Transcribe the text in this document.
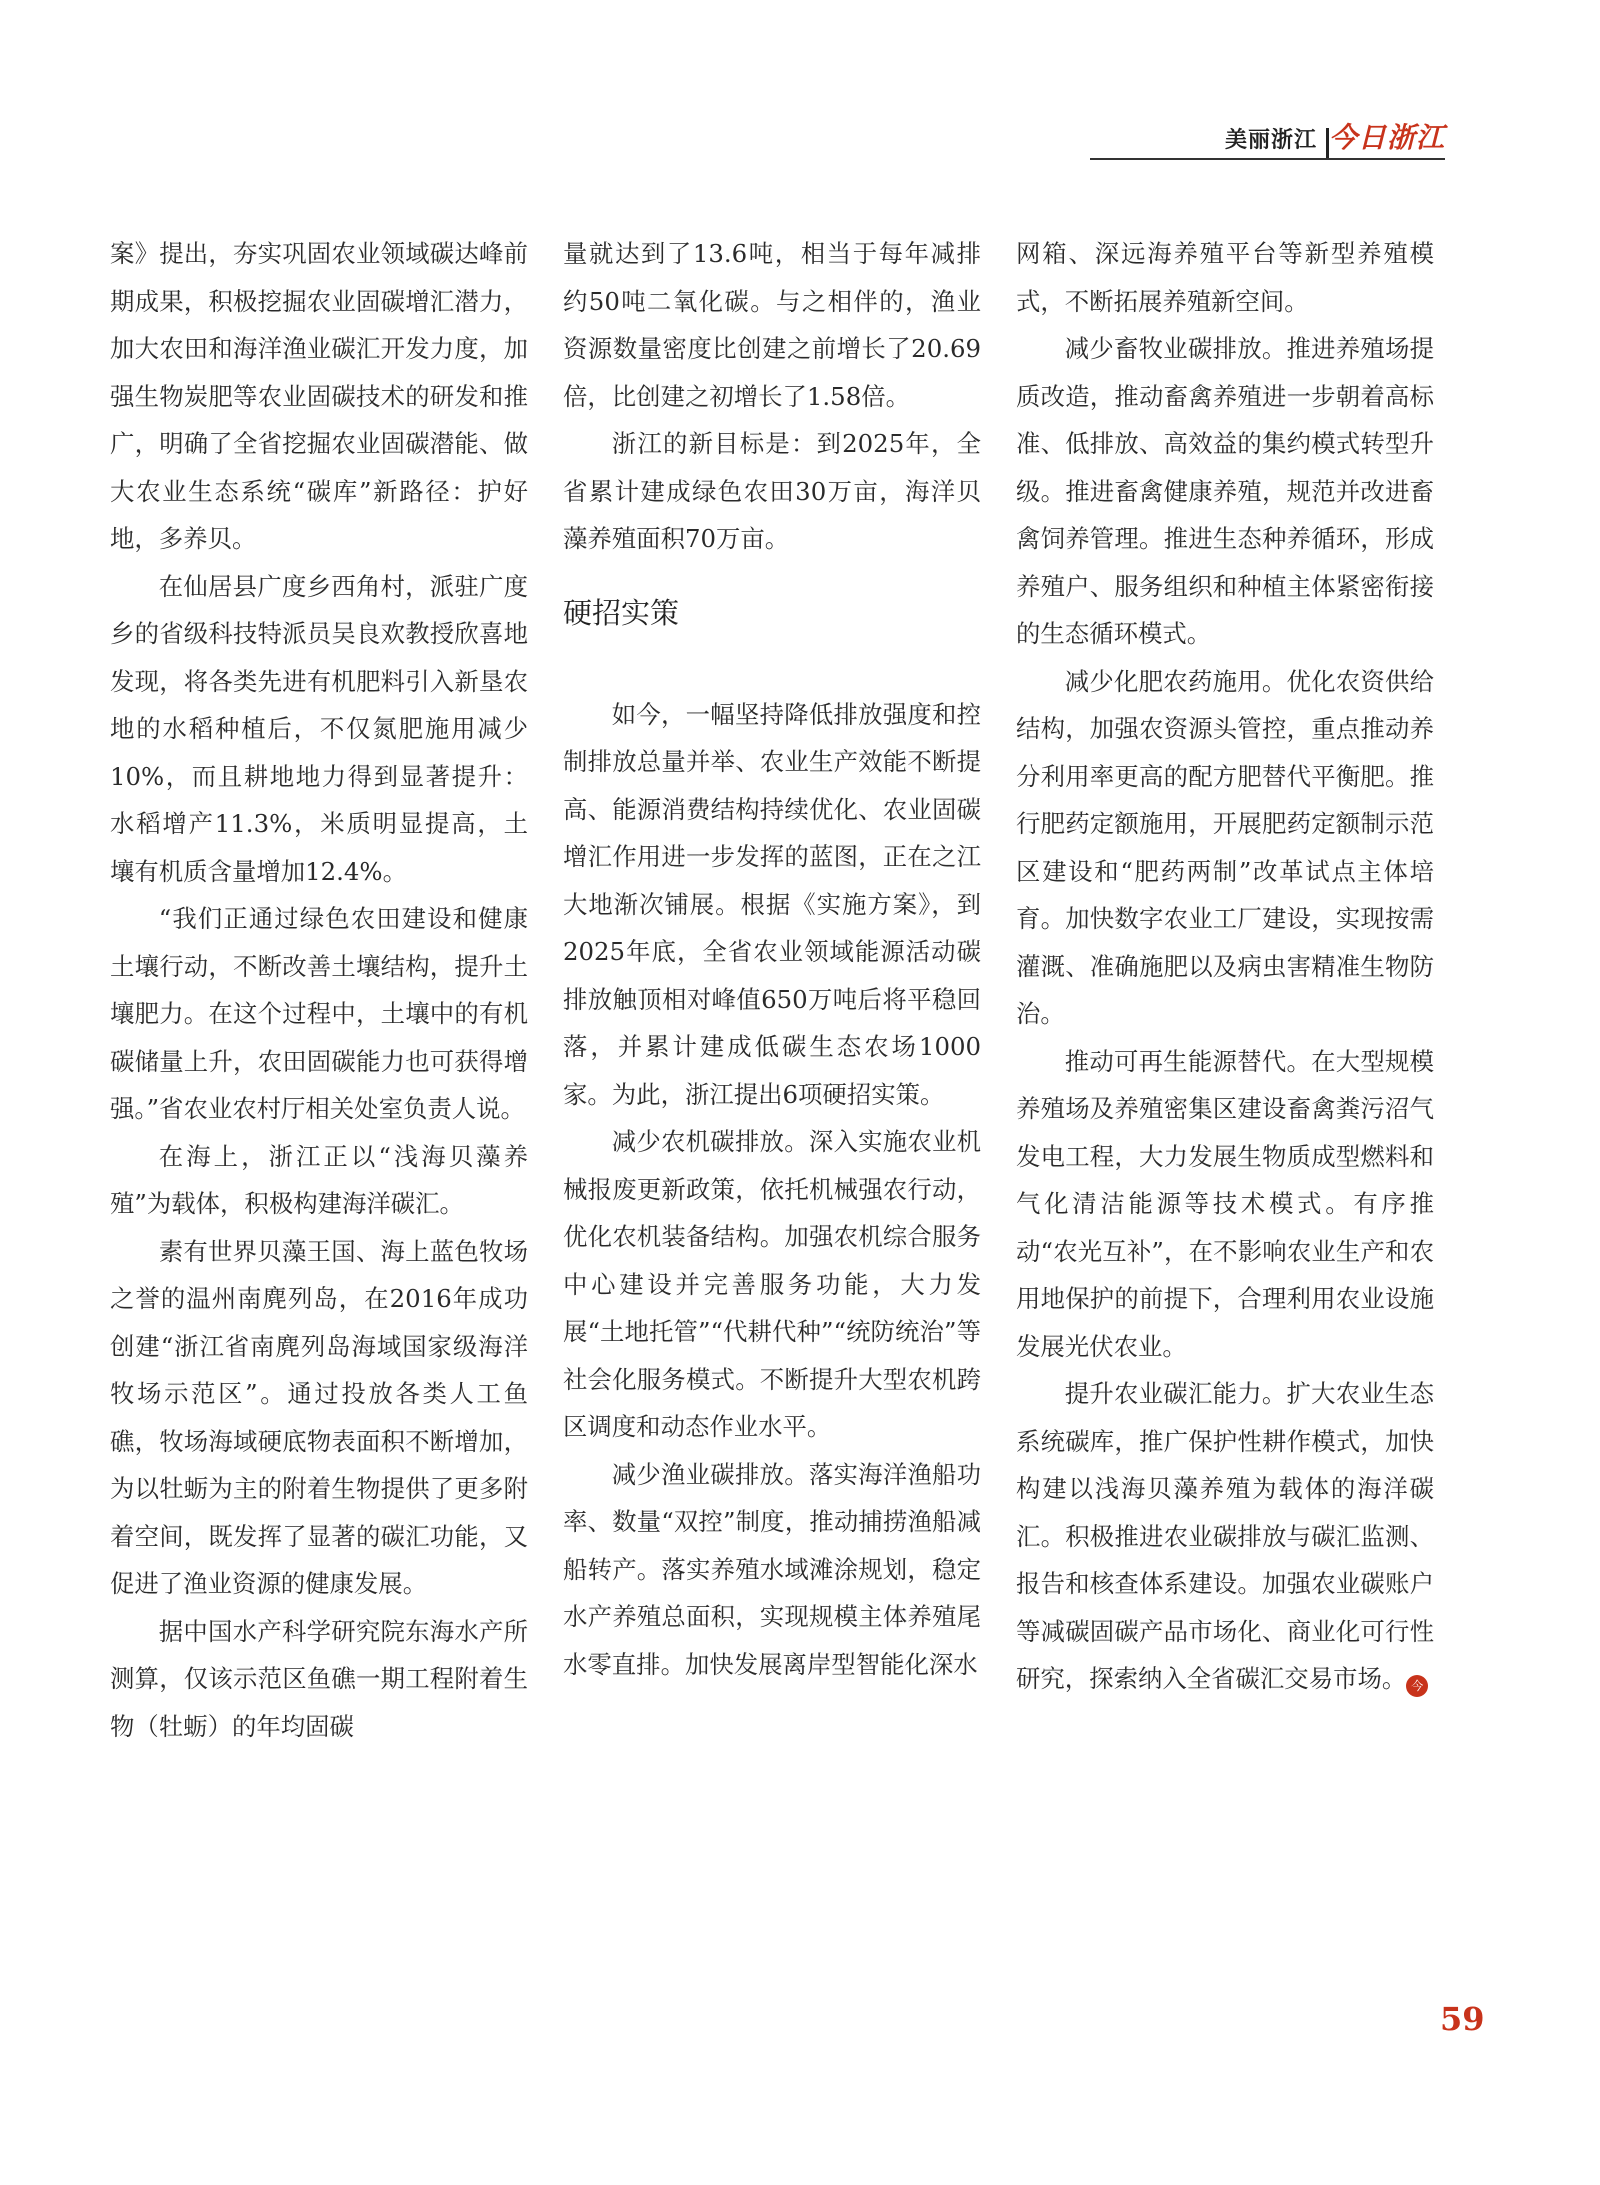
美丽浙江 今日浙江

案》提出，夯实巩固农业领域碳达峰前期成果，积极挖掘农业固碳增汇潜力，加大农田和海洋渔业碳汇开发力度，加强生物炭肥等农业固碳技术的研发和推广，明确了全省挖掘农业固碳潜能、做大农业生态系统“碳库”新路径：护好地，多养贝。

在仙居县广度乡西角村，派驻广度乡的省级科技特派员吴良欢教授欣喜地发现，将各类先进有机肥料引入新垦农地的水稻种植后，不仅氮肥施用减少10%，而且耕地地力得到显著提升：水稻增产11.3%，米质明显提高，土壤有机质含量增加12.4%。

“我们正通过绿色农田建设和健康土壤行动，不断改善土壤结构，提升土壤肥力。在这个过程中，土壤中的有机碳储量上升，农田固碳能力也可获得增强。”省农业农村厅相关处室负责人说。

在海上，浙江正以“浅海贝藻养殖”为载体，积极构建海洋碳汇。

素有世界贝藻王国、海上蓝色牧场之誉的温州南麂列岛，在2016年成功创建“浙江省南麂列岛海域国家级海洋牧场示范区”。通过投放各类人工鱼礁，牧场海域硬底物表面积不断增加，为以牡蛎为主的附着生物提供了更多附着空间，既发挥了显著的碳汇功能，又促进了渔业资源的健康发展。

据中国水产科学研究院东海水产所测算，仅该示范区鱼礁一期工程附着生物（牡蛎）的年均固碳

量就达到了13.6吨，相当于每年减排约50吨二氧化碳。与之相伴的，渔业资源数量密度比创建之前增长了20.69倍，比创建之初增长了1.58倍。

浙江的新目标是：到2025年，全省累计建成绿色农田30万亩，海洋贝藻养殖面积70万亩。

硬招实策

如今，一幅坚持降低排放强度和控制排放总量并举、农业生产效能不断提高、能源消费结构持续优化、农业固碳增汇作用进一步发挥的蓝图，正在之江大地渐次铺展。根据《实施方案》，到2025年底，全省农业领域能源活动碳排放触顶相对峰值650万吨后将平稳回落，并累计建成低碳生态农场1000家。为此，浙江提出6项硬招实策。

减少农机碳排放。深入实施农业机械报废更新政策，依托机械强农行动，优化农机装备结构。加强农机综合服务中心建设并完善服务功能，大力发展“土地托管”“代耕代种”“统防统治”等社会化服务模式。不断提升大型农机跨区调度和动态作业水平。

减少渔业碳排放。落实海洋渔船功率、数量“双控”制度，推动捕捞渔船减船转产。落实养殖水域滩涂规划，稳定水产养殖总面积，实现规模主体养殖尾水零直排。加快发展离岸型智能化深水

网箱、深远海养殖平台等新型养殖模式，不断拓展养殖新空间。

减少畜牧业碳排放。推进养殖场提质改造，推动畜禽养殖进一步朝着高标准、低排放、高效益的集约模式转型升级。推进畜禽健康养殖，规范并改进畜禽饲养管理。推进生态种养循环，形成养殖户、服务组织和种植主体紧密衔接的生态循环模式。

减少化肥农药施用。优化农资供给结构，加强农资源头管控，重点推动养分利用率更高的配方肥替代平衡肥。推行肥药定额施用，开展肥药定额制示范区建设和“肥药两制”改革试点主体培育。加快数字农业工厂建设，实现按需灌溉、准确施肥以及病虫害精准生物防治。

推动可再生能源替代。在大型规模养殖场及养殖密集区建设畜禽粪污沼气发电工程，大力发展生物质成型燃料和气化清洁能源等技术模式。有序推动“农光互补”，在不影响农业生产和农用地保护的前提下，合理利用农业设施发展光伏农业。

提升农业碳汇能力。扩大农业生态系统碳库，推广保护性耕作模式，加快构建以浅海贝藻养殖为载体的海洋碳汇。积极推进农业碳排放与碳汇监测、报告和核查体系建设。加强农业碳账户等减碳固碳产品市场化、商业化可行性研究，探索纳入全省碳汇交易市场。 今

59
